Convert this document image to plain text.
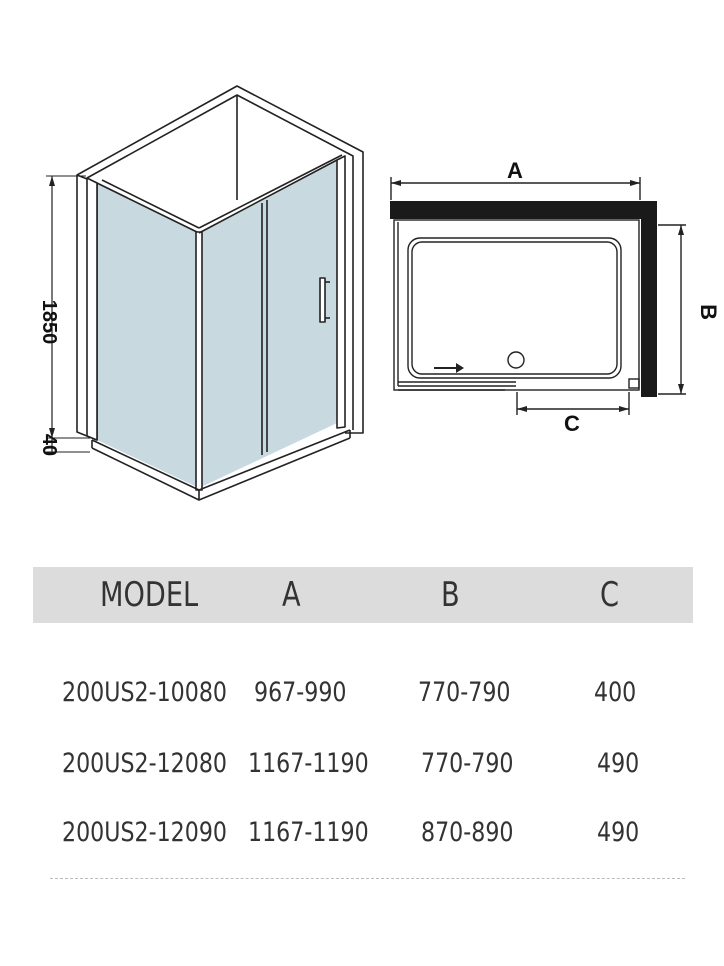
1850
40
A
B
C
MODEL A	B	C
200US2-10080 967-990	770-790	400
200US2-12080 1167-1190 770-790	490
200US2-12090 1167-1190 870-890	490
